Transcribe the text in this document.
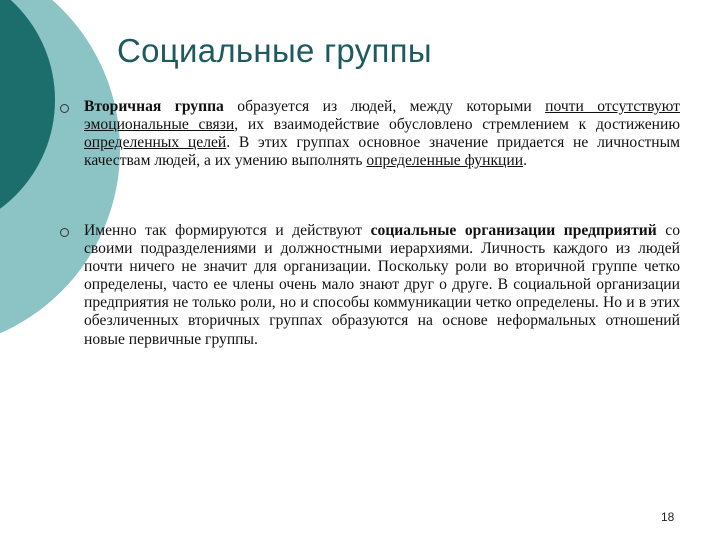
Социальные группы
Вторичная группа образуется из людей, между которыми почти отсутствуют эмоциональные связи, их взаимодействие обусловлено стремлением к достижению определенных целей. В этих группах основное значение придается не личностным качествам людей, а их умению выполнять определенные функции.
Именно так формируются и действуют социальные организации предприятий со своими подразделениями и должностными иерархиями. Личность каждого из людей почти ничего не значит для организации. Поскольку роли во вторичной группе четко определены, часто ее члены очень мало знают друг о друге. В социальной организации предприятия не только роли, но и способы коммуникации четко определены. Но и в этих обезличенных вторичных группах образуются на основе неформальных отношений новые первичные группы.
18
